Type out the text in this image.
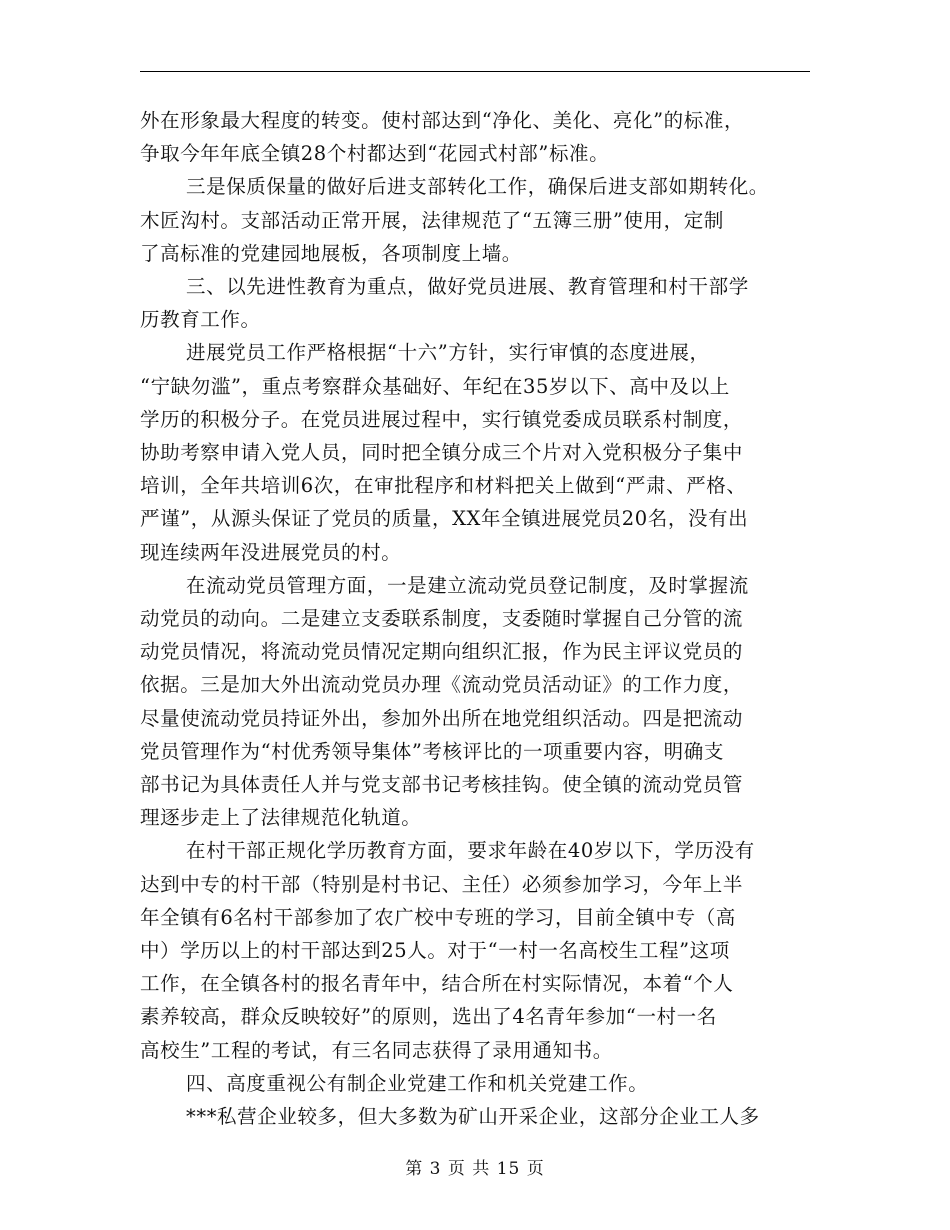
外在形象最大程度的转变。使村部达到“净化、美化、亮化”的标准，
争取今年年底全镇28个村都达到“花园式村部”标准。
三是保质保量的做好后进支部转化工作，确保后进支部如期转化。
木匠沟村。支部活动正常开展，法律规范了“五簿三册”使用，定制
了高标准的党建园地展板，各项制度上墙。
三、以先进性教育为重点，做好党员进展、教育管理和村干部学
历教育工作。
进展党员工作严格根据“十六”方针，实行审慎的态度进展，
“宁缺勿滥”，重点考察群众基础好、年纪在35岁以下、高中及以上
学历的积极分子。在党员进展过程中，实行镇党委成员联系村制度，
协助考察申请入党人员，同时把全镇分成三个片对入党积极分子集中
培训，全年共培训6次，在审批程序和材料把关上做到“严肃、严格、
严谨”，从源头保证了党员的质量，XX年全镇进展党员20名，没有出
现连续两年没进展党员的村。
在流动党员管理方面，一是建立流动党员登记制度，及时掌握流
动党员的动向。二是建立支委联系制度，支委随时掌握自己分管的流
动党员情况，将流动党员情况定期向组织汇报，作为民主评议党员的
依据。三是加大外出流动党员办理《流动党员活动证》的工作力度，
尽量使流动党员持证外出，参加外出所在地党组织活动。四是把流动
党员管理作为“村优秀领导集体”考核评比的一项重要内容，明确支
部书记为具体责任人并与党支部书记考核挂钩。使全镇的流动党员管
理逐步走上了法律规范化轨道。
在村干部正规化学历教育方面，要求年龄在40岁以下，学历没有
达到中专的村干部（特别是村书记、主任）必须参加学习，今年上半
年全镇有6名村干部参加了农广校中专班的学习，目前全镇中专（高
中）学历以上的村干部达到25人。对于“一村一名高校生工程”这项
工作，在全镇各村的报名青年中，结合所在村实际情况，本着“个人
素养较高，群众反映较好”的原则，选出了4名青年参加“一村一名
高校生”工程的考试，有三名同志获得了录用通知书。
四、高度重视公有制企业党建工作和机关党建工作。
***私营企业较多，但大多数为矿山开采企业，这部分企业工人多
第 3 页 共 15 页
